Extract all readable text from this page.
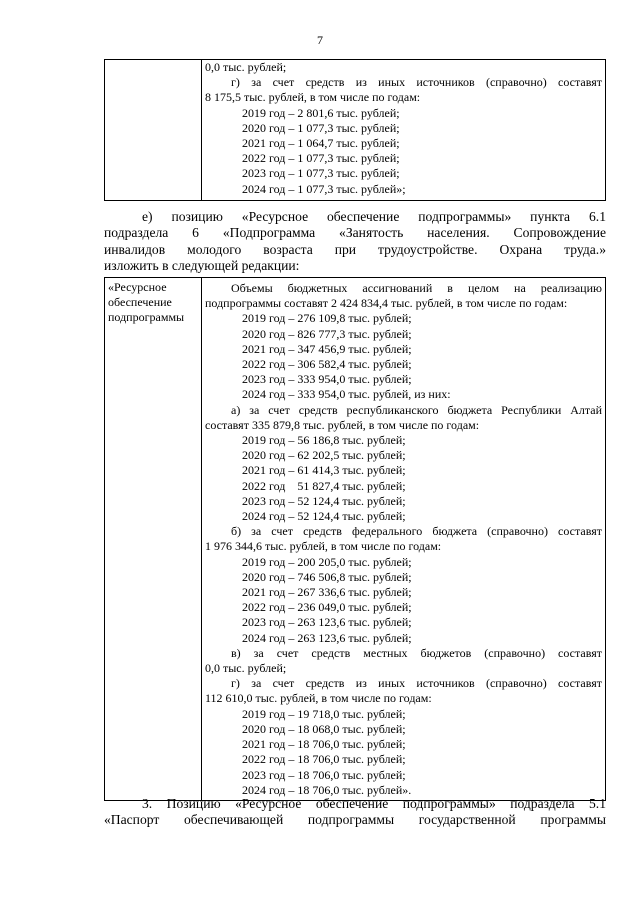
7

0,0 тыс. рублей;
г) за счет средств из иных источников (справочно) составят
8 175,5 тыс. рублей, в том числе по годам:
2019 год – 2 801,6 тыс. рублей;
2020 год – 1 077,3 тыс. рублей;
2021 год – 1 064,7 тыс. рублей;
2022 год – 1 077,3 тыс. рублей;
2023 год – 1 077,3 тыс. рублей;
2024 год – 1 077,3 тыс. рублей»;
е) позицию «Ресурсное обеспечение подпрограммы» пункта 6.1
подраздела 6 «Подпрограмма «Занятость населения. Сопровождение
инвалидов молодого возраста при трудоустройстве. Охрана труда.»
изложить в следующей редакции:
«Ресурсное
обеспечение
подпрограммы

Объемы бюджетных ассигнований в целом на реализацию
подпрограммы составят 2 424 834,4 тыс. рублей, в том числе по годам:
2019 год – 276 109,8 тыс. рублей;
2020 год – 826 777,3 тыс. рублей;
2021 год – 347 456,9 тыс. рублей;
2022 год – 306 582,4 тыс. рублей;
2023 год – 333 954,0 тыс. рублей;
2024 год – 333 954,0 тыс. рублей, из них:
а) за счет средств республиканского бюджета Республики Алтай
составят 335 879,8 тыс. рублей, в том числе по годам:
2019 год – 56 186,8 тыс. рублей;
2020 год – 62 202,5 тыс. рублей;
2021 год – 61 414,3 тыс. рублей;
2022 год    51 827,4 тыс. рублей;
2023 год – 52 124,4 тыс. рублей;
2024 год – 52 124,4 тыс. рублей;
б) за счет средств федерального бюджета (справочно) составят
1 976 344,6 тыс. рублей, в том числе по годам:
2019 год – 200 205,0 тыс. рублей;
2020 год – 746 506,8 тыс. рублей;
2021 год – 267 336,6 тыс. рублей;
2022 год – 236 049,0 тыс. рублей;
2023 год – 263 123,6 тыс. рублей;
2024 год – 263 123,6 тыс. рублей;
в) за счет средств местных бюджетов (справочно) составят
0,0 тыс. рублей;
г) за счет средств из иных источников (справочно) составят
112 610,0 тыс. рублей, в том числе по годам:
2019 год – 19 718,0 тыс. рублей;
2020 год – 18 068,0 тыс. рублей;
2021 год – 18 706,0 тыс. рублей;
2022 год – 18 706,0 тыс. рублей;
2023 год – 18 706,0 тыс. рублей;
2024 год – 18 706,0 тыс. рублей».
3. Позицию «Ресурсное обеспечение подпрограммы» подраздела 5.1
«Паспорт обеспечивающей подпрограммы государственной программы
